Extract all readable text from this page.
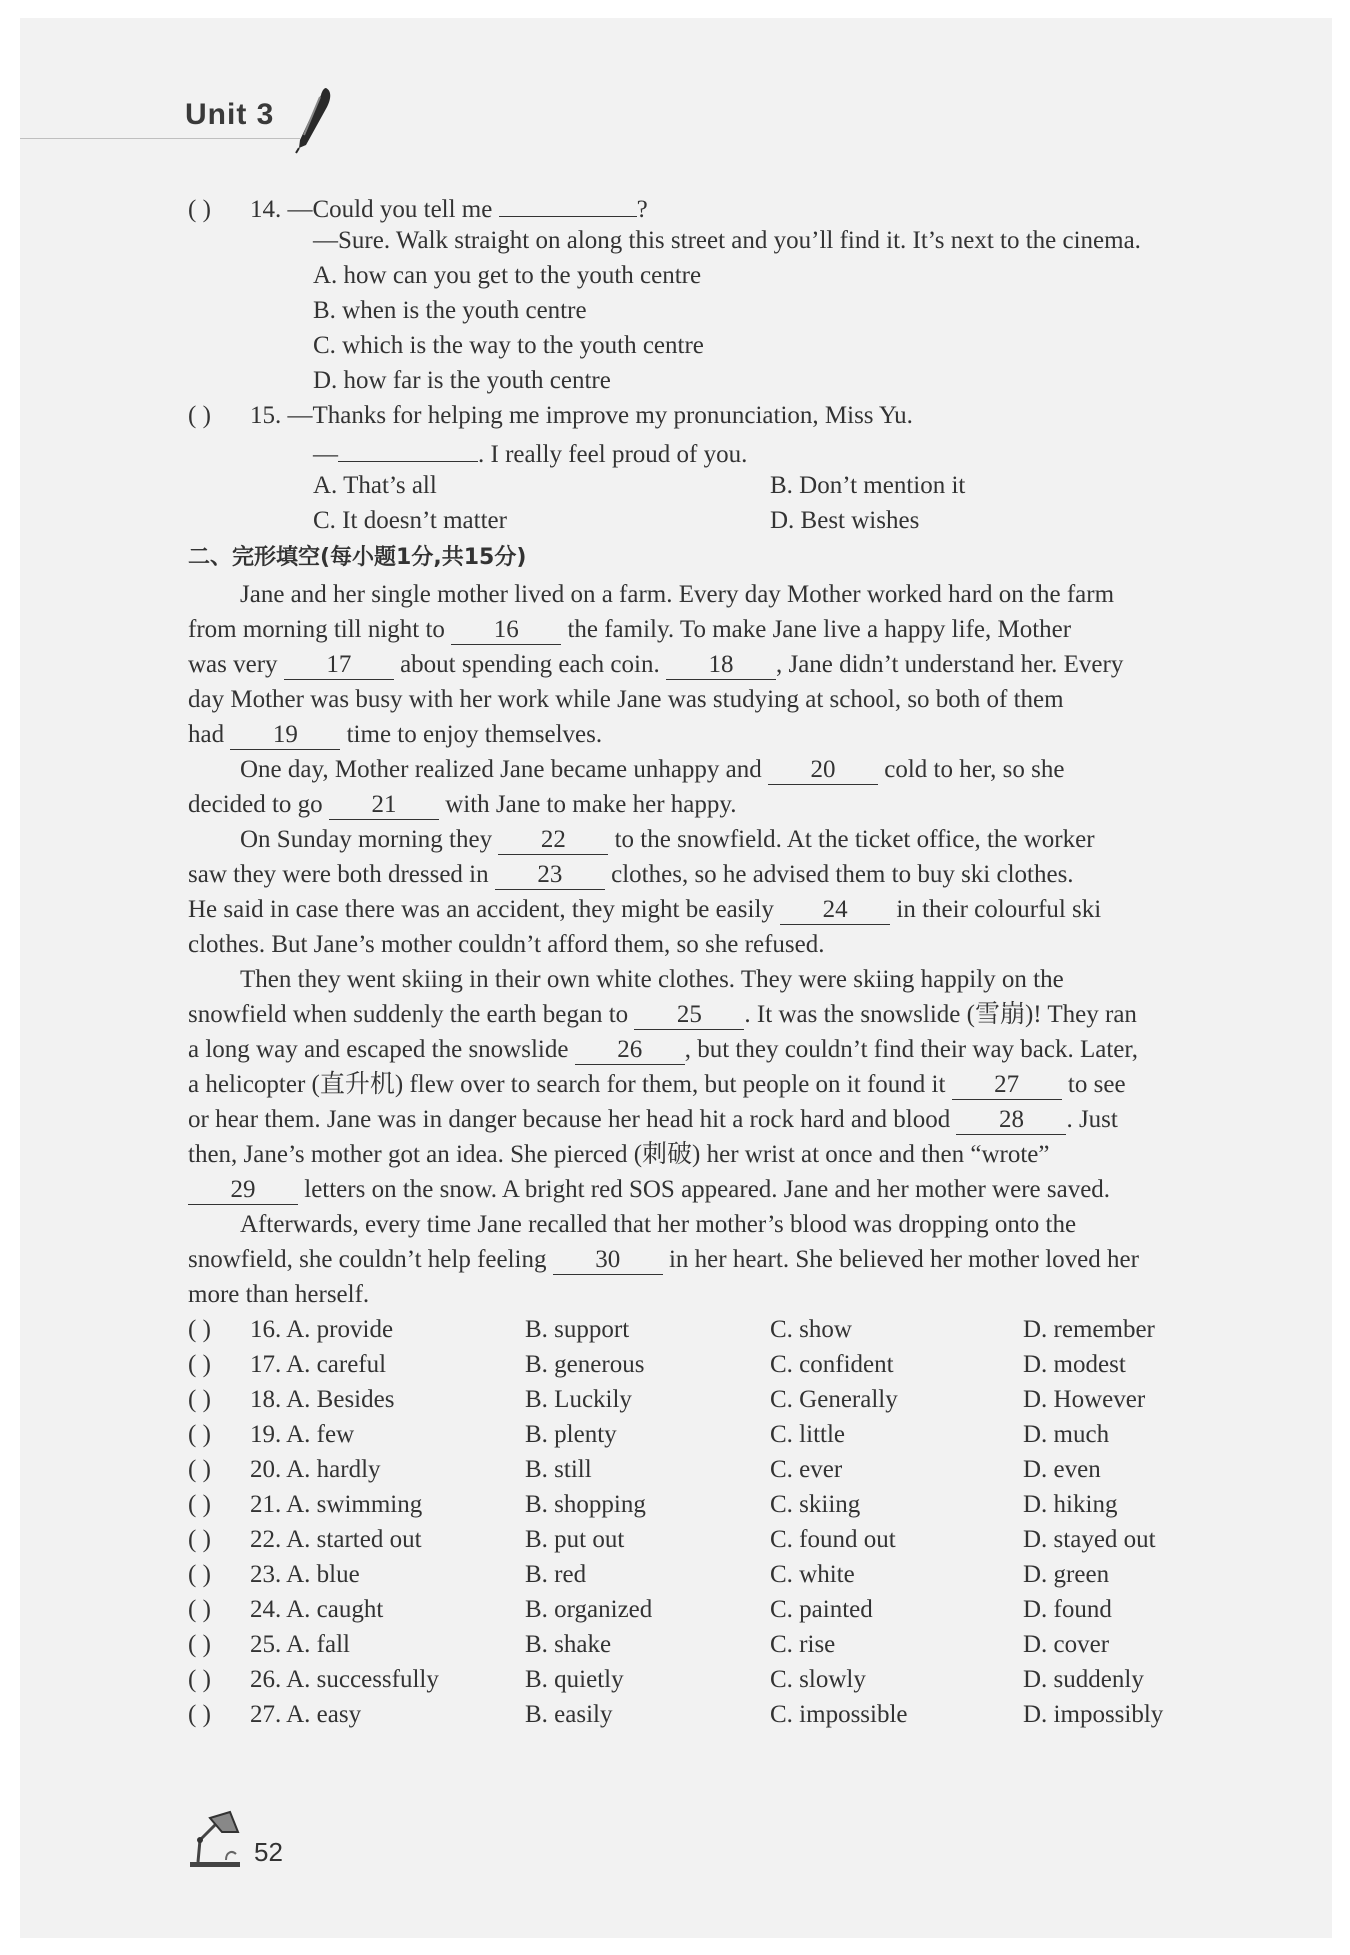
Unit 3
( ) 14. —Could you tell me	?
—Sure. Walk straight on along this street and you’ll find it. It’s next to the cinema.
A. how can you get to the youth centre
B. when is the youth centre
C. which is the way to the youth centre
D. how far is the youth centre
( ) 15. —Thanks for helping me improve my pronunciation, Miss Yu.
—	. I really feel proud of you.
A. That’s all	B. Don’t mention it
C. It doesn’t matter	D. Best wishes
二、完形填空(每小题1分,共15分)
Jane and her single mother lived on a farm. Every day Mother worked hard on the farm
from morning till night to 16 the family. To make Jane live a happy life, Mother
was very 17 about spending each coin. 18 , Jane didn’t understand her. Every
day Mother was busy with her work while Jane was studying at school, so both of them
had 19 time to enjoy themselves.
One day, Mother realized Jane became unhappy and 20 cold to her, so she
decided to go 21 with Jane to make her happy.
On Sunday morning they 22 to the snowfield. At the ticket office, the worker
saw they were both dressed in 23 clothes, so he advised them to buy ski clothes.
He said in case there was an accident, they might be easily 24 in their colourful ski
clothes. But Jane’s mother couldn’t afford them, so she refused.
Then they went skiing in their own white clothes. They were skiing happily on the
snowfield when suddenly the earth began to 25 . It was the snowslide (雪崩)! They ran
a long way and escaped the snowslide 26 , but they couldn’t find their way back. Later,
a helicopter (直升机) flew over to search for them, but people on it found it 27 to see
or hear them. Jane was in danger because her head hit a rock hard and blood 28 . Just
then, Jane’s mother got an idea. She pierced (刺破) her wrist at once and then “wrote”
29 letters on the snow. A bright red SOS appeared. Jane and her mother were saved.
Afterwards, every time Jane recalled that her mother’s blood was dropping onto the
snowfield, she couldn’t help feeling 30 in her heart. She believed her mother loved her
more than herself.
( ) 16. A. provide	B. support	C. show	D. remember
( ) 17. A. careful	B. generous	C. confident	D. modest
( ) 18. A. Besides	B. Luckily	C. Generally	D. However
( ) 19. A. few	B. plenty	C. little	D. much
( ) 20. A. hardly	B. still	C. ever	D. even
( ) 21. A. swimming	B. shopping	C. skiing	D. hiking
( ) 22. A. started out	B. put out	C. found out	D. stayed out
( ) 23. A. blue	B. red	C. white	D. green
( ) 24. A. caught	B. organized	C. painted	D. found
( ) 25. A. fall	B. shake	C. rise	D. cover
( ) 26. A. successfully	B. quietly	C. slowly	D. suddenly
( ) 27. A. easy	B. easily	C. impossible	D. impossibly
52
